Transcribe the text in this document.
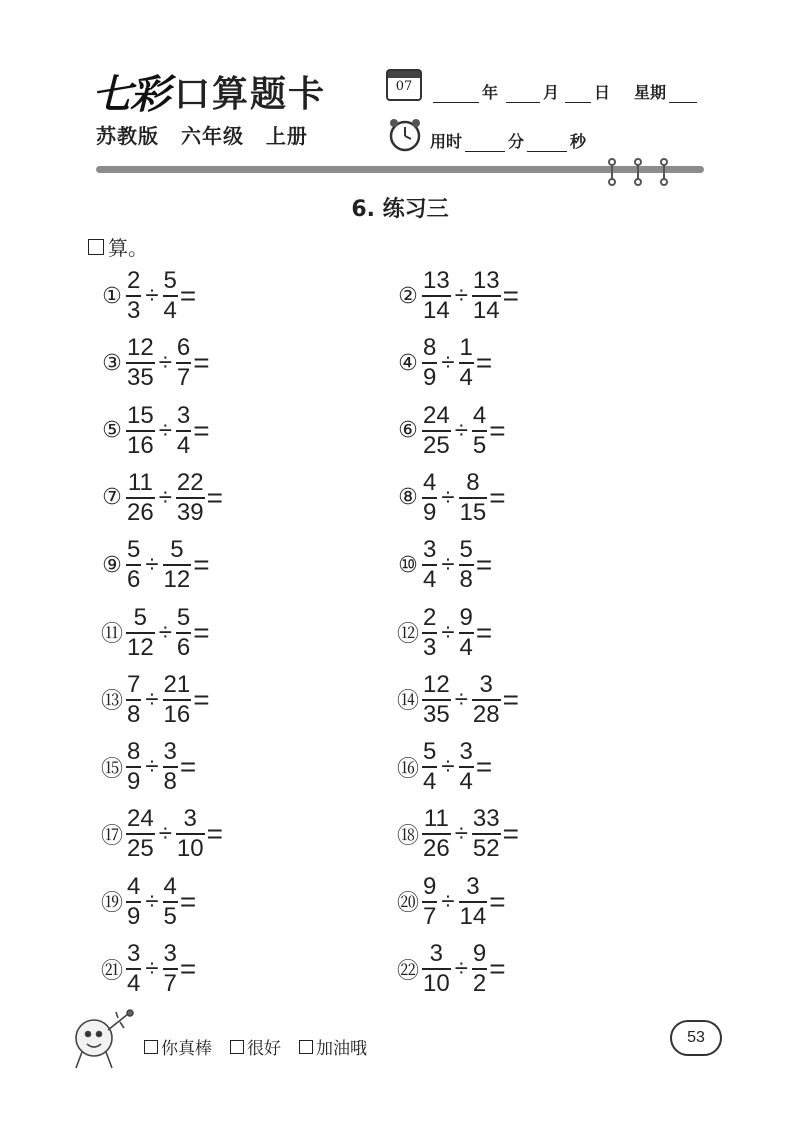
七彩 口算题卡
苏教版 六年级 上册
07	年	月 日 星期
用时	分	秒
6. 练习三
算。
① $\frac{2}{3} \div \frac{5}{4}$ =	② $\frac{13}{14} \div \frac{13}{14}$ =
③ $\frac{12}{35} \div \frac{6}{7}$ =	④ $\frac{8}{9} \div \frac{1}{4}$ =
⑤ $\frac{15}{16} \div \frac{3}{4}$ =	⑥ $\frac{24}{25} \div \frac{4}{5}$ =
⑦ $\frac{11}{26} \div \frac{22}{39}$ =	⑧ $\frac{4}{9} \div \frac{8}{15}$ =
⑨ $\frac{5}{6} \div \frac{5}{12}$ =	⑩ $\frac{3}{4} \div \frac{5}{8}$ =
⑪ $\frac{5}{12} \div \frac{5}{6}$ =	⑫ $\frac{2}{3} \div \frac{9}{4}$ =
⑬ $\frac{7}{8} \div \frac{21}{16}$ =	⑭ $\frac{12}{35} \div \frac{3}{28}$ =
⑮ $\frac{8}{9} \div \frac{3}{8}$ =	⑯ $\frac{5}{4} \div \frac{3}{4}$ =
⑰ $\frac{24}{25} \div \frac{3}{10}$ =	⑱ $\frac{11}{26} \div \frac{33}{52}$ =
⑲ $\frac{4}{9} \div \frac{4}{5}$ =	⑳ $\frac{9}{7} \div \frac{3}{14}$ =
㉑ $\frac{3}{4} \div \frac{3}{7}$ =	㉒ $\frac{3}{10} \div \frac{9}{2}$ =
你真棒 很好 加油哦
53
